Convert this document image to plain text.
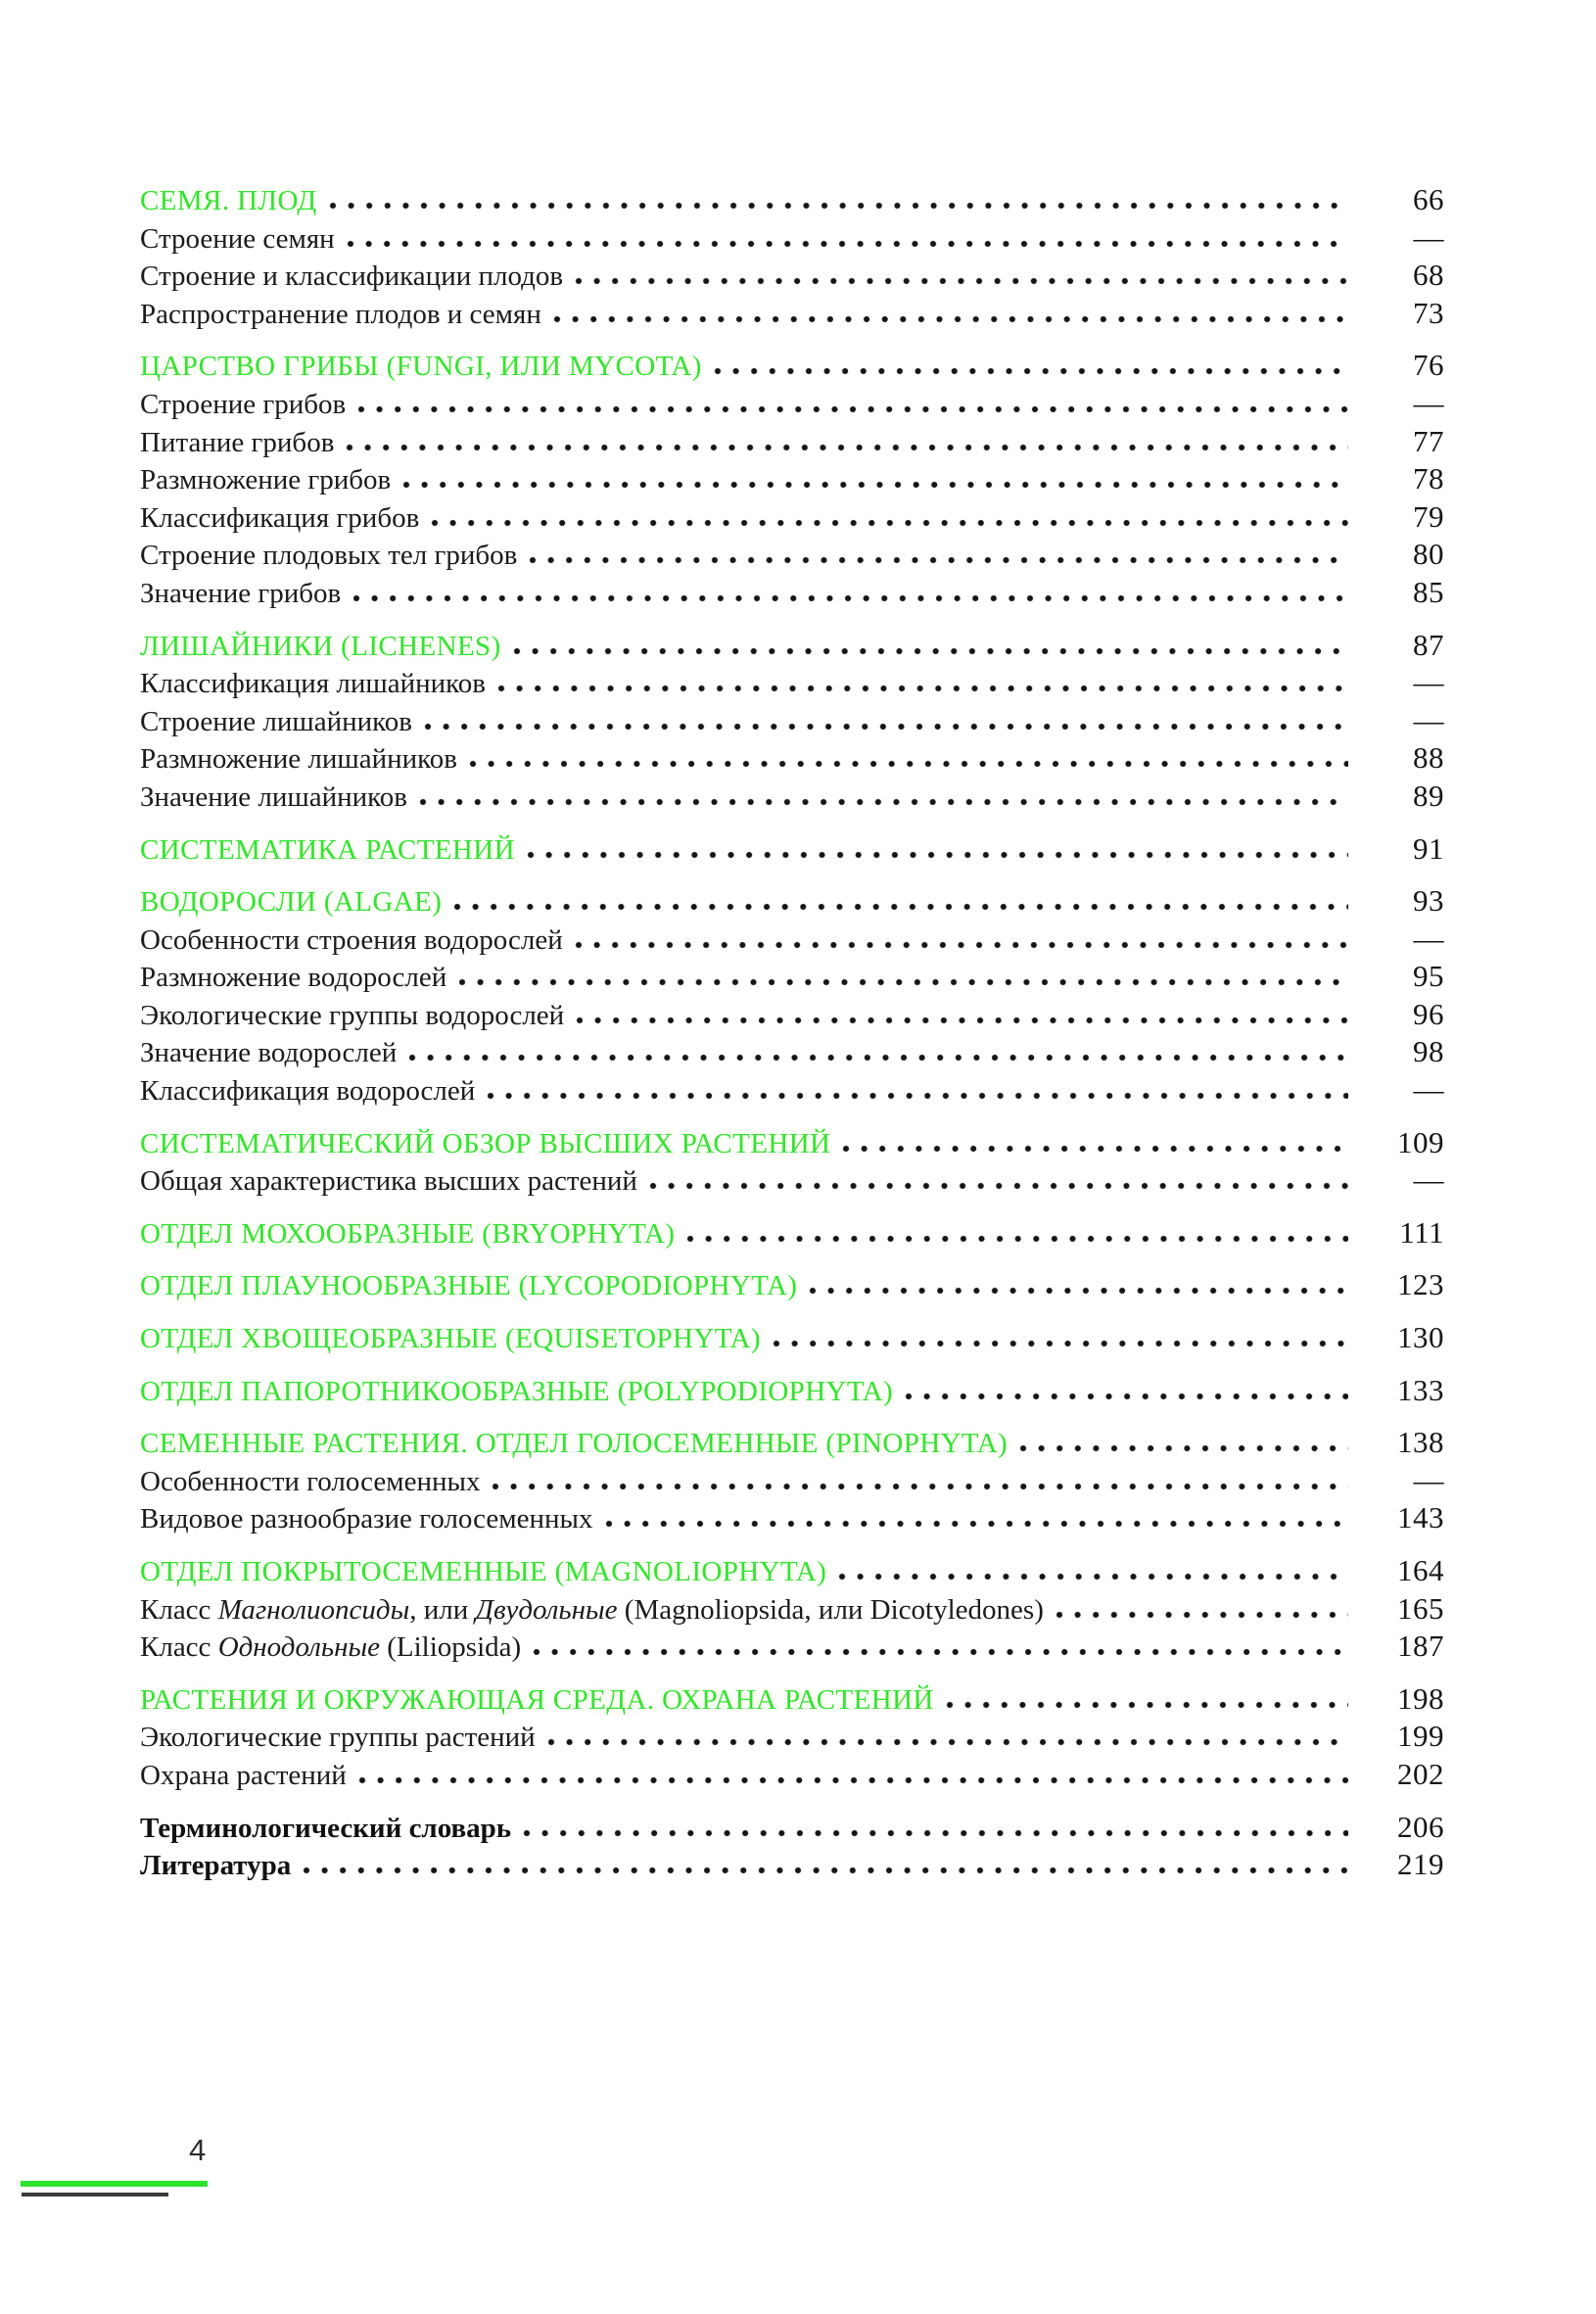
СЕМЯ. ПЛОД	66
Строение семян	—
Строение и классификации плодов	68
Распространение плодов и семян	73
ЦАРСТВО ГРИБЫ (FUNGI, ИЛИ MYCOTA)	76
Строение грибов	—
Питание грибов	77
Размножение грибов	78
Классификация грибов	79
Строение плодовых тел грибов	80
Значение грибов	85
ЛИШАЙНИКИ (LICHENES)	87
Классификация лишайников	—
Строение лишайников	—
Размножение лишайников	88
Значение лишайников	89
СИСТЕМАТИКА РАСТЕНИЙ	91
ВОДОРОСЛИ (ALGAE)	93
Особенности строения водорослей	—
Размножение водорослей	95
Экологические группы водорослей	96
Значение водорослей	98
Классификация водорослей	—
СИСТЕМАТИЧЕСКИЙ ОБЗОР ВЫСШИХ РАСТЕНИЙ	109
Общая характеристика высших растений	—
ОТДЕЛ МОХООБРАЗНЫЕ (BRYOPHYTA)	111
ОТДЕЛ ПЛАУНООБРАЗНЫЕ (LYCOPODIOPHYTA)	123
ОТДЕЛ ХВОЩЕОБРАЗНЫЕ (EQUISETOPHYTA)	130
ОТДЕЛ ПАПОРОТНИКООБРАЗНЫЕ (POLYPODIOPHYTA)	133
СЕМЕННЫЕ РАСТЕНИЯ. ОТДЕЛ ГОЛОСЕМЕННЫЕ (PINOPHYTA)	138
Особенности голосеменных	—
Видовое разнообразие голосеменных	143
ОТДЕЛ ПОКРЫТОСЕМЕННЫЕ (MAGNOLIOPHYTA)	164
Класс Магнолиопсиды, или Двудольные (Magnoliopsida, или Dicotyledones)	165
Класс Однодольные (Liliopsida)	187
РАСТЕНИЯ И ОКРУЖАЮЩАЯ СРЕДА. ОХРАНА РАСТЕНИЙ	198
Экологические группы растений	199
Охрана растений	202
Терминологический словарь	206
Литература	219
4
